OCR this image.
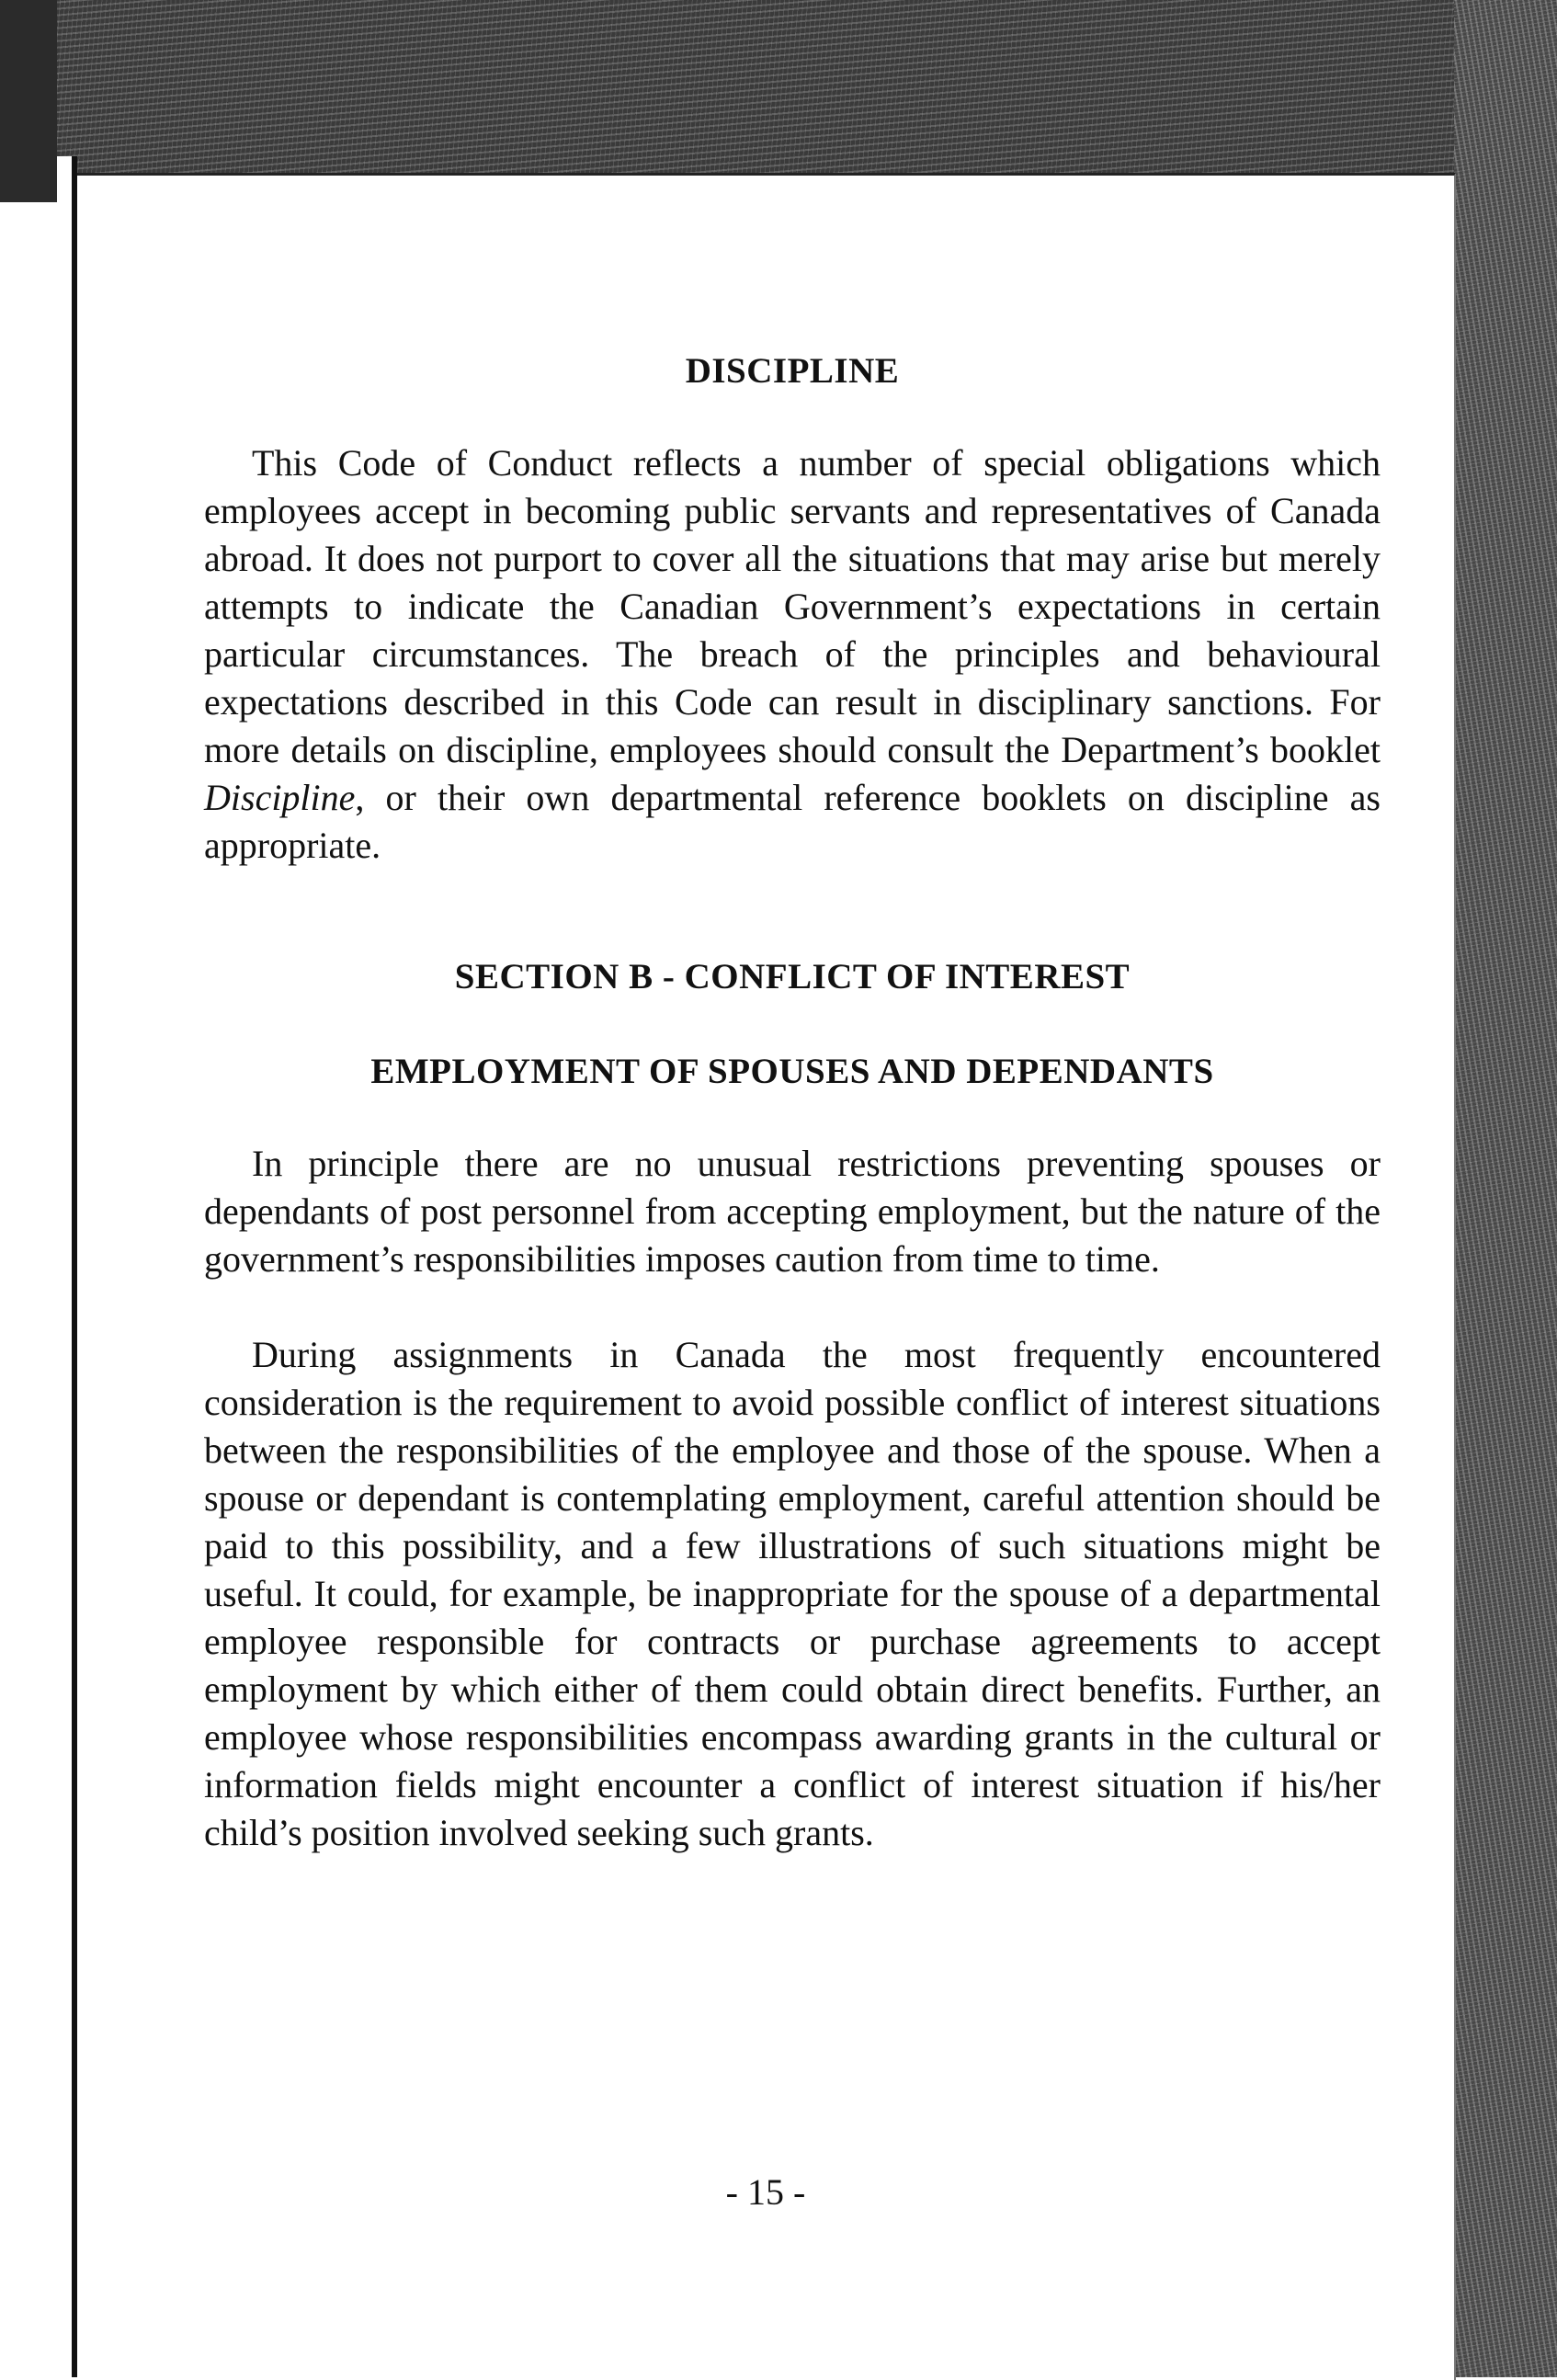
DISCIPLINE

This Code of Conduct reflects a number of special obligations which employees accept in becoming public servants and representatives of Canada abroad. It does not purport to cover all the situations that may arise but merely attempts to indicate the Canadian Government’s expectations in certain particular circumstances. The breach of the principles and behavioural expectations described in this Code can result in disciplinary sanctions. For more details on discipline, employees should consult the Department’s booklet Discipline, or their own departmental reference booklets on discipline as appropriate.

SECTION B - CONFLICT OF INTEREST
EMPLOYMENT OF SPOUSES AND DEPENDANTS

In principle there are no unusual restrictions preventing spouses or dependants of post personnel from accepting employment, but the nature of the government’s responsibilities imposes caution from time to time.

During assignments in Canada the most frequently encountered consideration is the requirement to avoid possible conflict of interest situations between the responsibilities of the employee and those of the spouse. When a spouse or dependant is contemplating employment, careful attention should be paid to this possibility, and a few illustrations of such situations might be useful. It could, for example, be inappropriate for the spouse of a departmental employee responsible for contracts or purchase agreements to accept employment by which either of them could obtain direct benefits. Further, an employee whose responsibilities encompass awarding grants in the cultural or information fields might encounter a conflict of interest situation if his/her child’s position involved seeking such grants.

- 15 -
